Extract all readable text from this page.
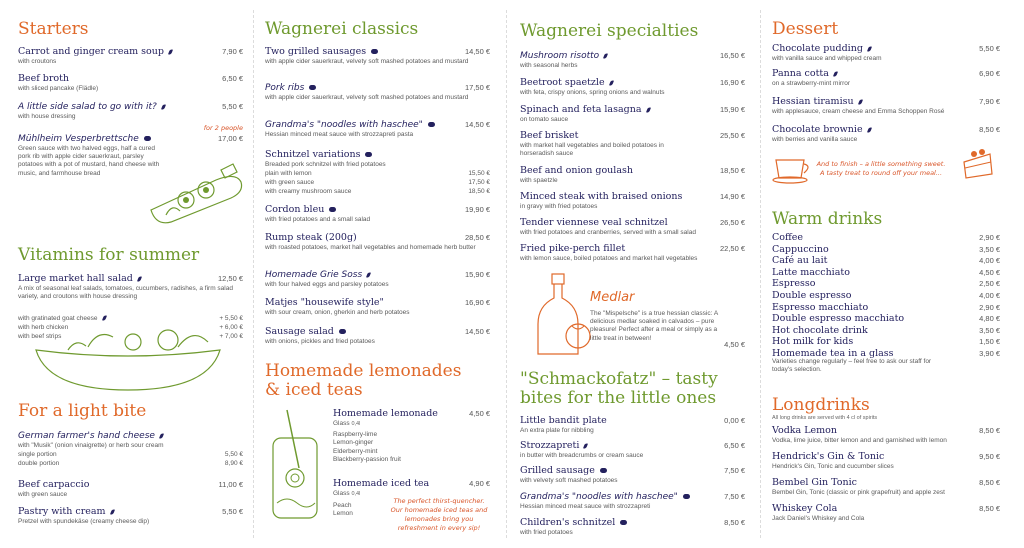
Starters
Carrot and ginger cream soup	7,90 €
with croutons
Beef broth	6,50 €
with sliced pancake (Flädle)
A little side salad to go with it?	5,50 €
with house dressing
for 2 people
Mühlheim Vesperbrettsche	17,00 €
Green sauce with two halved eggs, half a cured pork rib with apple cider sauerkraut, parsley potatoes with a pot of mustard, hand cheese with music, and farmhouse bread
Vitamins for summer
Large market hall salad	12,50 €
A mix of seasonal leaf salads, tomatoes, cucumbers, radishes, a firm salad variety, and croutons with house dressing
with gratinated goat cheese	+ 5,50 €
with herb chicken	+ 6,00 €
with beef strips	+ 7,00 €
For a light bite
German farmer's hand cheese
with "Musik" (onion vinaigrette) or herb sour cream
single portion	5,50 €
double portion	8,90 €
Beef carpaccio	11,00 €
with green sauce
Pastry with cream	5,50 €
Pretzel with spundekäse (creamy cheese dip)
Wagnerei classics
Two grilled sausages	14,50 €
with apple cider sauerkraut, velvety soft mashed potatoes and mustard
Pork ribs	17,50 €
with apple cider sauerkraut, velvety soft mashed potatoes and mustard
Grandma's "noodles with haschee"	14,50 €
Hessian minced meat sauce with strozzapreti pasta
Schnitzel variations
Breaded pork schnitzel with fried potatoes
plain with lemon	15,50 €
with green sauce	17,50 €
with creamy mushroom sauce	18,50 €
Cordon bleu	19,90 €
with fried potatoes and a small salad
Rump steak (200g)	28,50 €
with roasted potatoes, market hall vegetables and homemade herb butter
Homemade Grie Soss	15,90 €
with four halved eggs and parsley potatoes
Matjes "housewife style"	16,90 €
with sour cream, onion, gherkin and herb potatoes
Sausage salad	14,50 €
with onions, pickles and fried potatoes
Homemade lemonades & iced teas
Homemade lemonade	4,50 €
Glass 0,4l
Raspberry-lime
Lemon-ginger
Elderberry-mint
Blackberry-passion fruit
Homemade iced tea	4,90 €
Glass 0,4l
Peach
Lemon
The perfect thirst-quencher. Our homemade iced teas and lemonades bring you refreshment in every sip!
Wagnerei specialties
Mushroom risotto	16,50 €
with seasonal herbs
Beetroot spaetzle	16,90 €
with feta, crispy onions, spring onions and walnuts
Spinach and feta lasagna	15,90 €
on tomato sauce
Beef brisket	25,50 €
with market hall vegetables and boiled potatoes in horseradish sauce
Beef and onion goulash	18,50 €
with spaetzle
Minced steak with braised onions	14,90 €
in gravy with fried potatoes
Tender viennese veal schnitzel	26,50 €
with fried potatoes and cranberries, served with a small salad
Fried pike-perch fillet	22,50 €
with lemon sauce, boiled potatoes and market hall vegetables
Medlar
The "Mispelsche" is a true hessian classic: A delicious medlar soaked in calvados – pure pleasure! Perfect after a meal or simply as a little treat in between!
4,50 €
"Schmackofatz" – tasty bites for the little ones
Little bandit plate	0,00 €
An extra plate for nibbling
Strozzapreti	6,50 €
in butter with breadcrumbs or cream sauce
Grilled sausage	7,50 €
with velvety soft mashed potatoes
Grandma's "noodles with haschee"	7,50 €
Hessian minced meat sauce with strozzapreti
Children's schnitzel	8,50 €
with fried potatoes
Dessert
Chocolate pudding	5,50 €
with vanilla sauce and whipped cream
Panna cotta	6,90 €
on a strawberry-mint mirror
Hessian tiramisu	7,90 €
with applesauce, cream cheese and Emma Schoppen Rosé
Chocolate brownie	8,50 €
with berries and vanilla sauce
And to finish – a little something sweet. A tasty treat to round off your meal...
Warm drinks
Coffee	2,90 €
Cappuccino	3,50 €
Café au lait	4,00 €
Latte macchiato	4,50 €
Espresso	2,50 €
Double espresso	4,00 €
Espresso macchiato	2,90 €
Double espresso macchiato	4,80 €
Hot chocolate drink	3,50 €
Hot milk for kids	1,50 €
Homemade tea in a glass	3,90 €
Varieties change regularly – feel free to ask our staff for today's selection.
Longdrinks
All long drinks are served with 4 cl of spirits
Vodka Lemon	8,50 €
Vodka, lime juice, bitter lemon and and garnished with lemon
Hendrick's Gin & Tonic	9,50 €
Hendrick's Gin, Tonic and cucumber slices
Bembel Gin Tonic	8,50 €
Bembel Gin, Tonic (classic or pink grapefruit) and apple zest
Whiskey Cola	8,50 €
Jack Daniel's Whiskey and Cola
